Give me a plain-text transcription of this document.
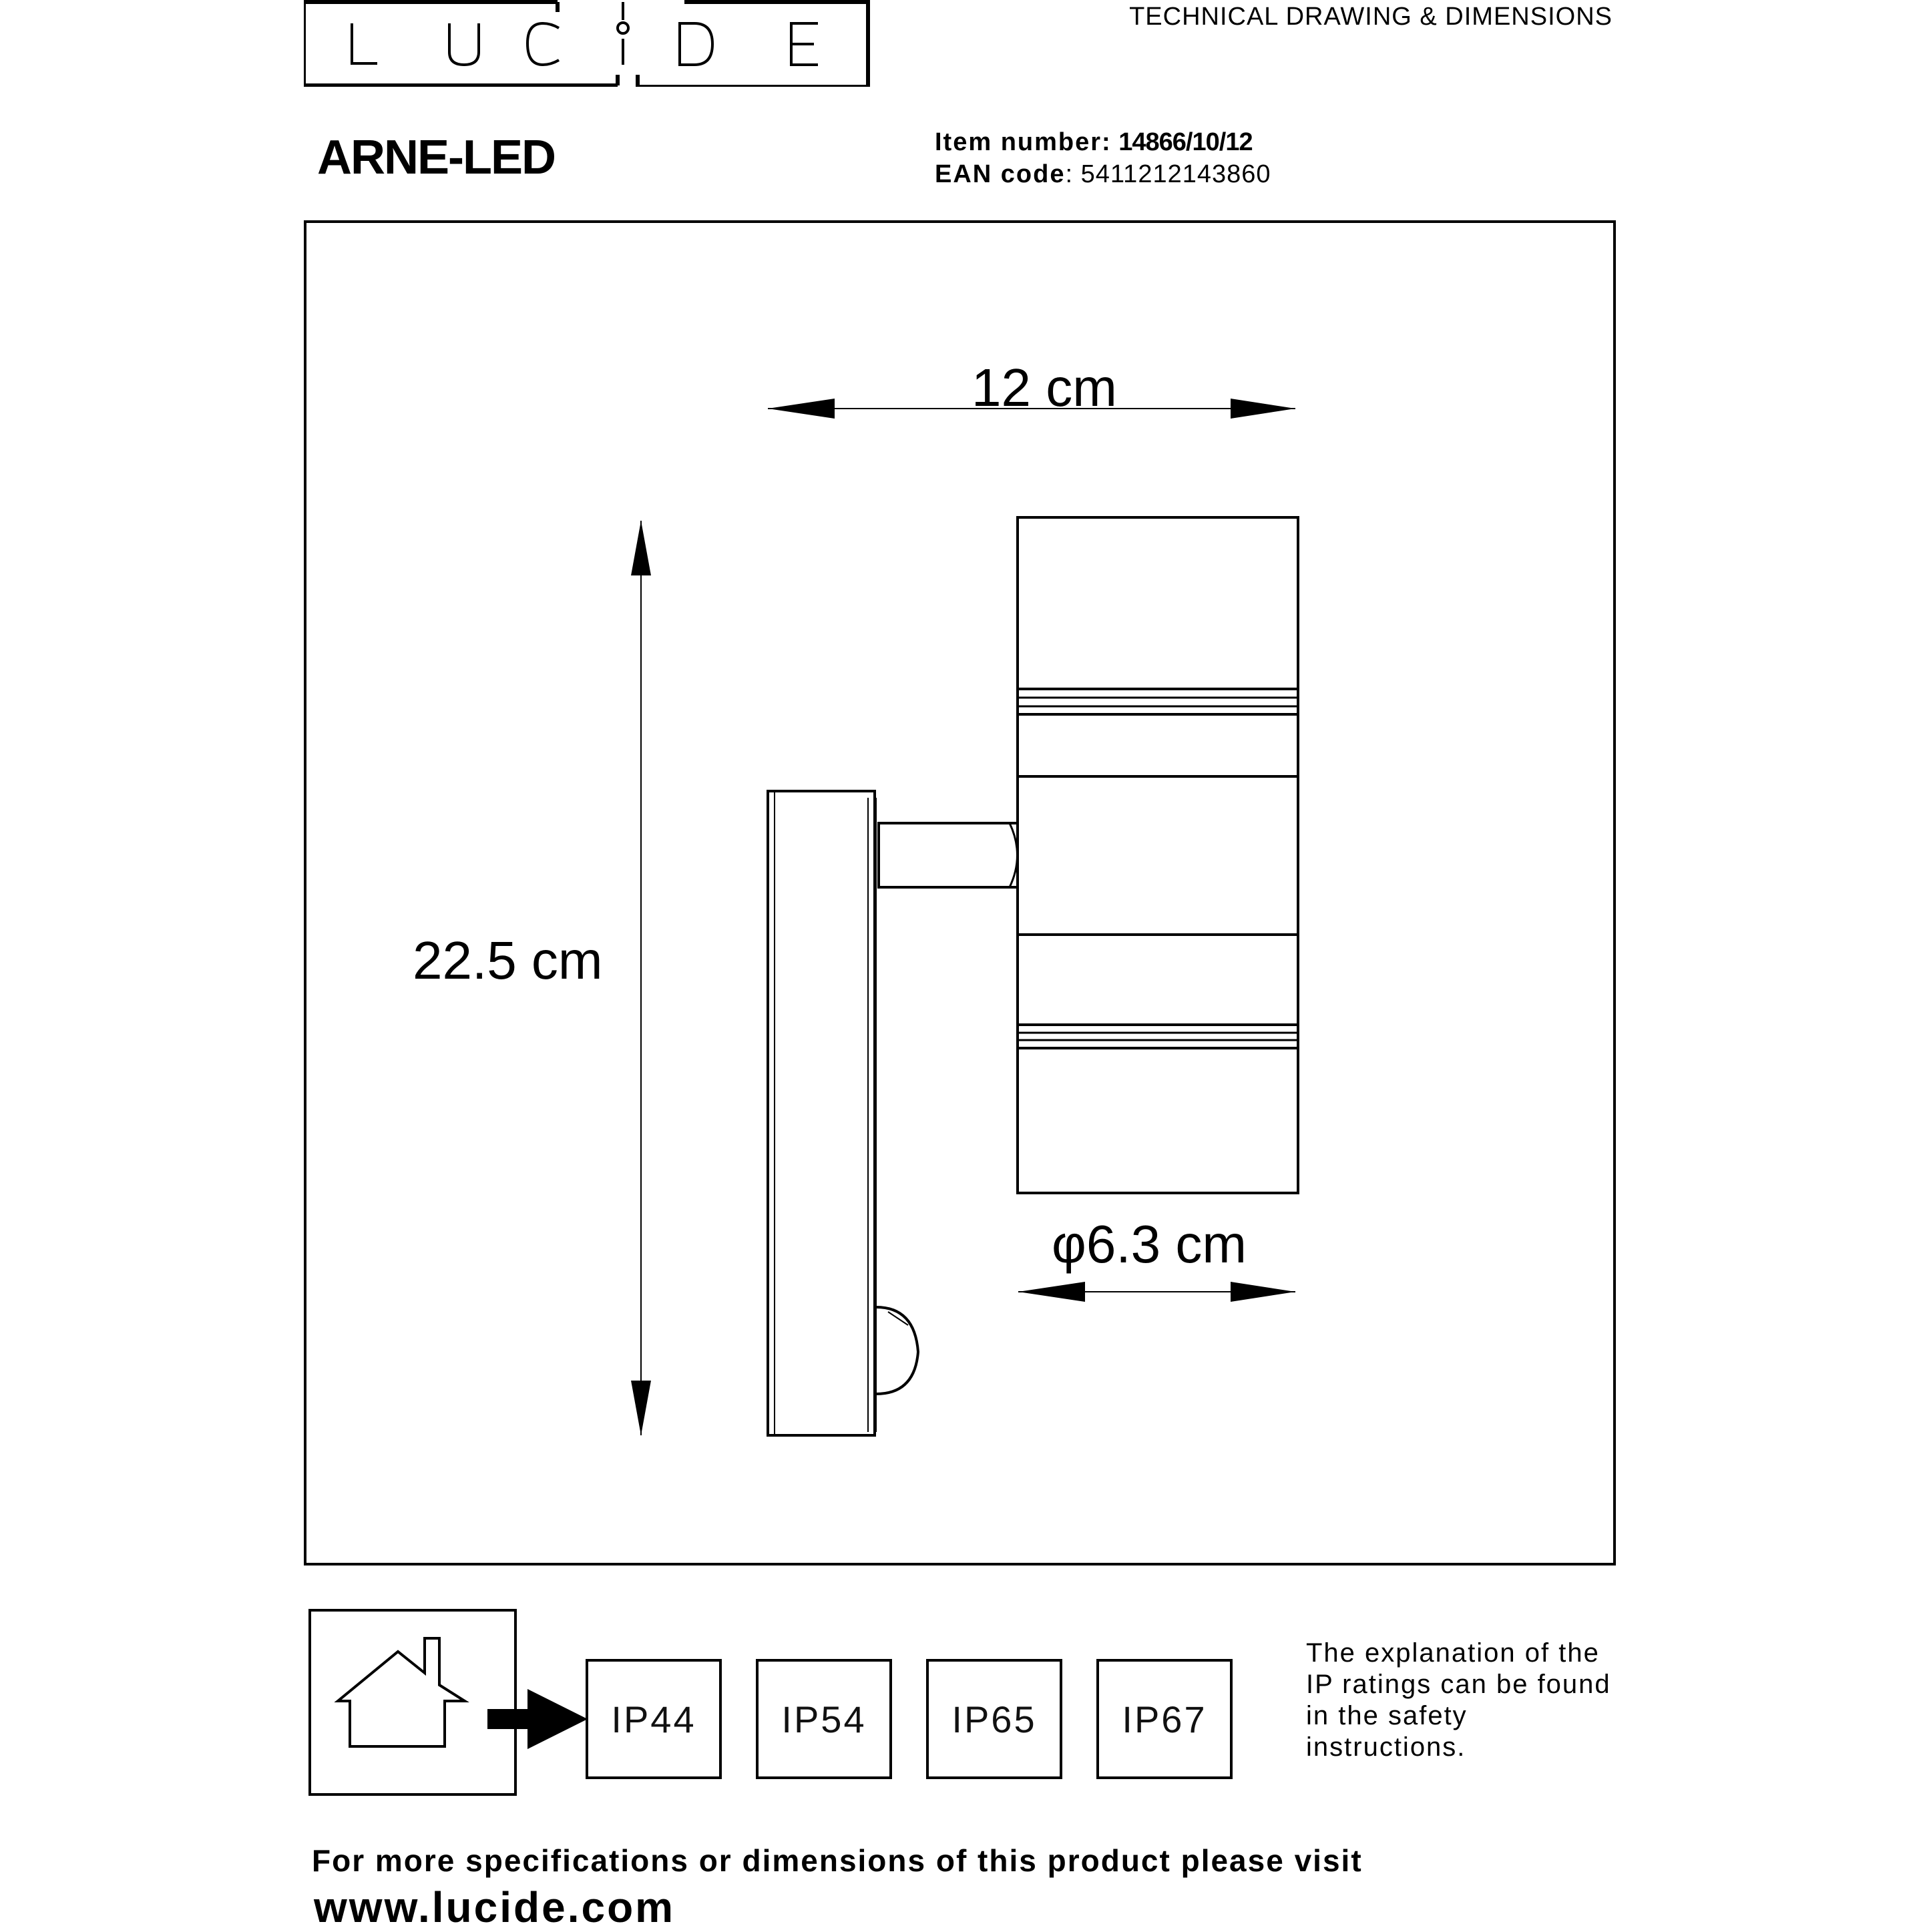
TECHNICAL DRAWING & DIMENSIONS
ARNE-LED	Item number: 14866/10/12
EAN code: 5411212143860
12 cm
22.5 cm
φ6.3 cm
IP44	IP54	IP65	IP67
The explanation of the
IP ratings can be found
in the safety
instructions.
For more specifications or dimensions of this product please visit
www.lucide.com
